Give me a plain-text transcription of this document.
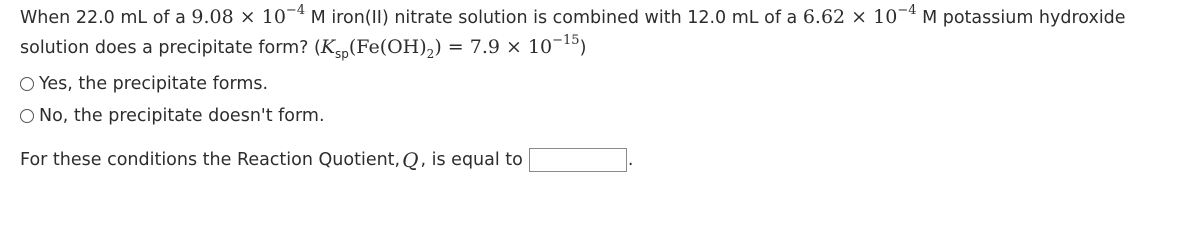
When 22.0 mL of a $9.08 \times 10^{-4}$ M iron(II) nitrate solution is combined with 12.0 mL of a $6.62 \times 10^{-4}$ M potassium hydroxide
solution does a precipitate form? $(K_{sp}(Fe(OH)_2) = 7.9 \times 10^{-15})$
Yes, the precipitate forms.
No, the precipitate doesn't form.
For these conditions the Reaction Quotient, Q , is equal to	.
